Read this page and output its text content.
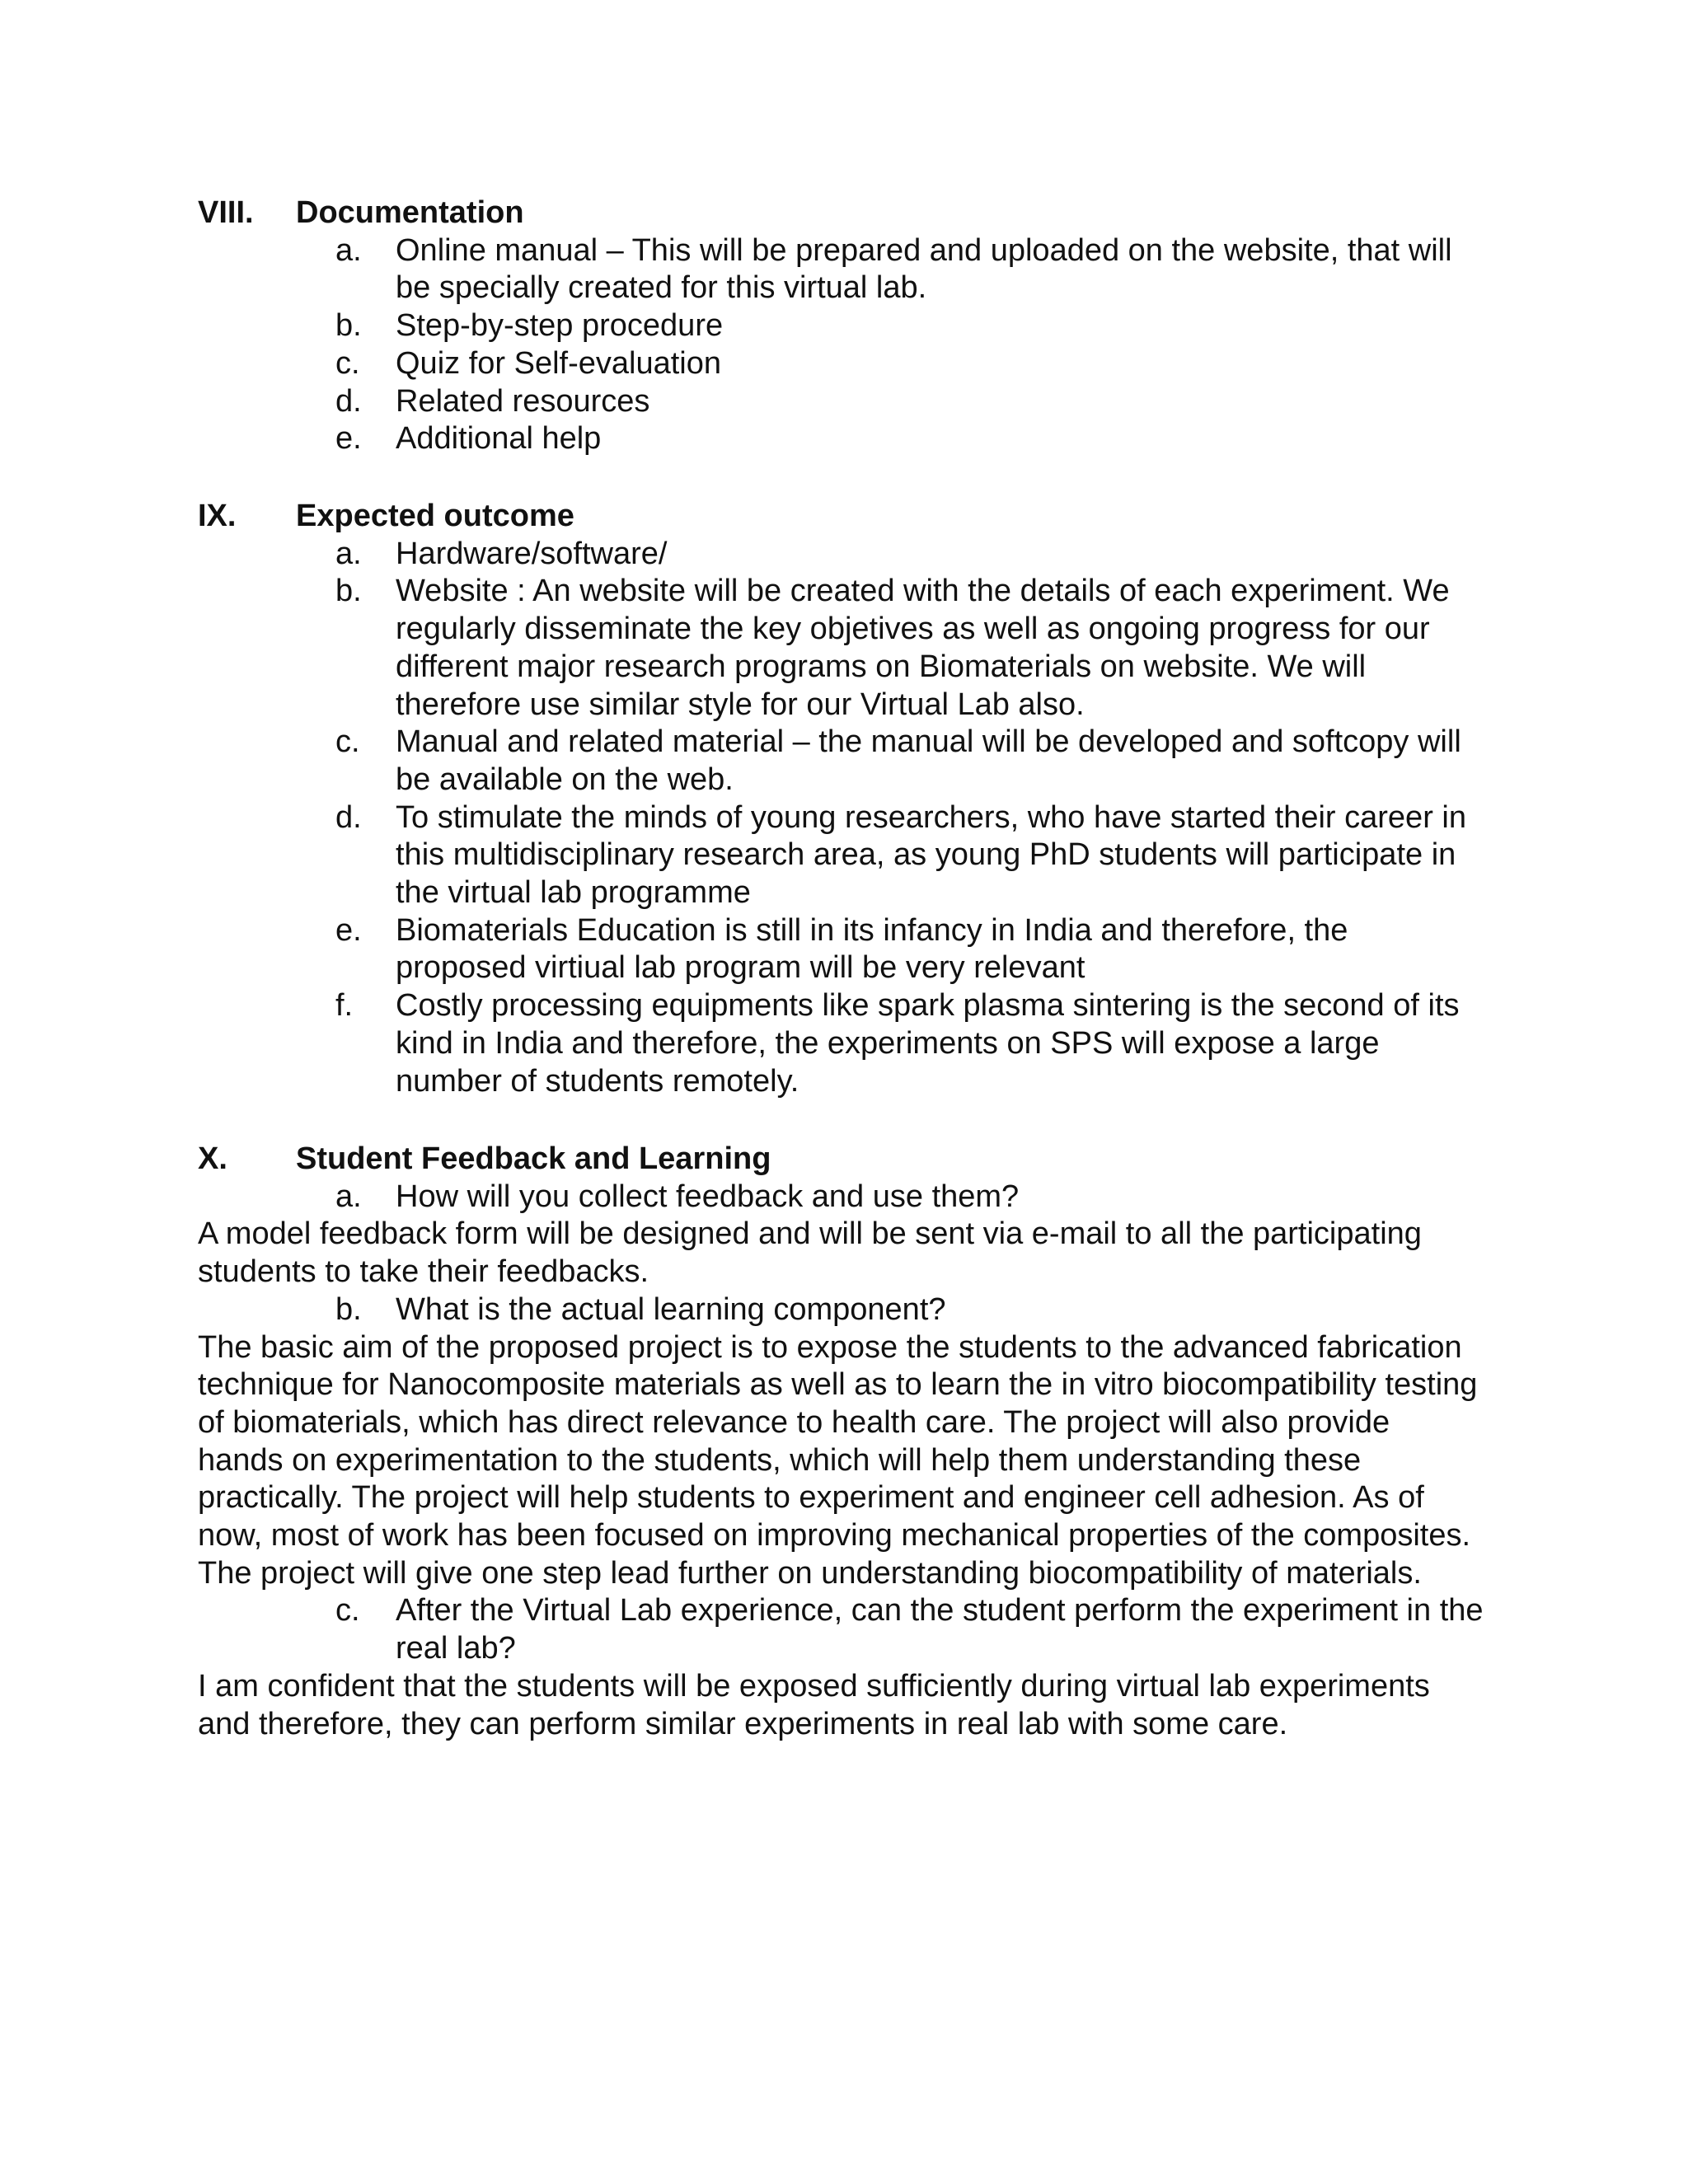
VIII. Documentation
a.	Online manual – This will be prepared and uploaded on the website, that will be specially created for this virtual lab.
b.	Step-by-step procedure
c.	Quiz for Self-evaluation
d.	Related resources
e.	Additional help
IX. Expected outcome
a.	Hardware/software/
b.	Website : An website will be created with the details of each experiment. We regularly disseminate the key objetives as well as ongoing progress for our different major research programs on Biomaterials on website. We will therefore use similar style for our Virtual Lab also.
c.	Manual and related material – the manual will be developed and softcopy will be available on the web.
d.	To stimulate the minds of young researchers, who have started their career in this multidisciplinary research area, as young PhD students will participate in the virtual lab programme
e.	Biomaterials Education is still in its infancy in India and therefore, the proposed virtiual lab program will be very relevant
f.	Costly processing equipments like spark plasma sintering is the second of its kind in India and therefore, the experiments on SPS will expose a large number of students remotely.
X. Student Feedback and Learning
a.	How will you collect feedback and use them?

A model feedback form will be designed and will be sent via e-mail to all the participating students to take their feedbacks.

b.	What is the actual learning component?

The basic aim of the proposed project is to expose the students to the advanced fabrication technique for Nanocomposite materials as well as to learn the in vitro biocompatibility testing of biomaterials, which has direct relevance to health care. The project will also provide hands on experimentation to the students, which will help them understanding these practically. The project will help students to experiment and engineer cell adhesion. As of now, most of work has been focused on improving mechanical properties of the composites. The project will give one step lead further on understanding biocompatibility of materials.

c.	After the Virtual Lab experience, can the student perform the experiment in the real lab?

I am confident that the students will be exposed sufficiently during virtual lab experiments and therefore, they can perform similar experiments in real lab with some care.
